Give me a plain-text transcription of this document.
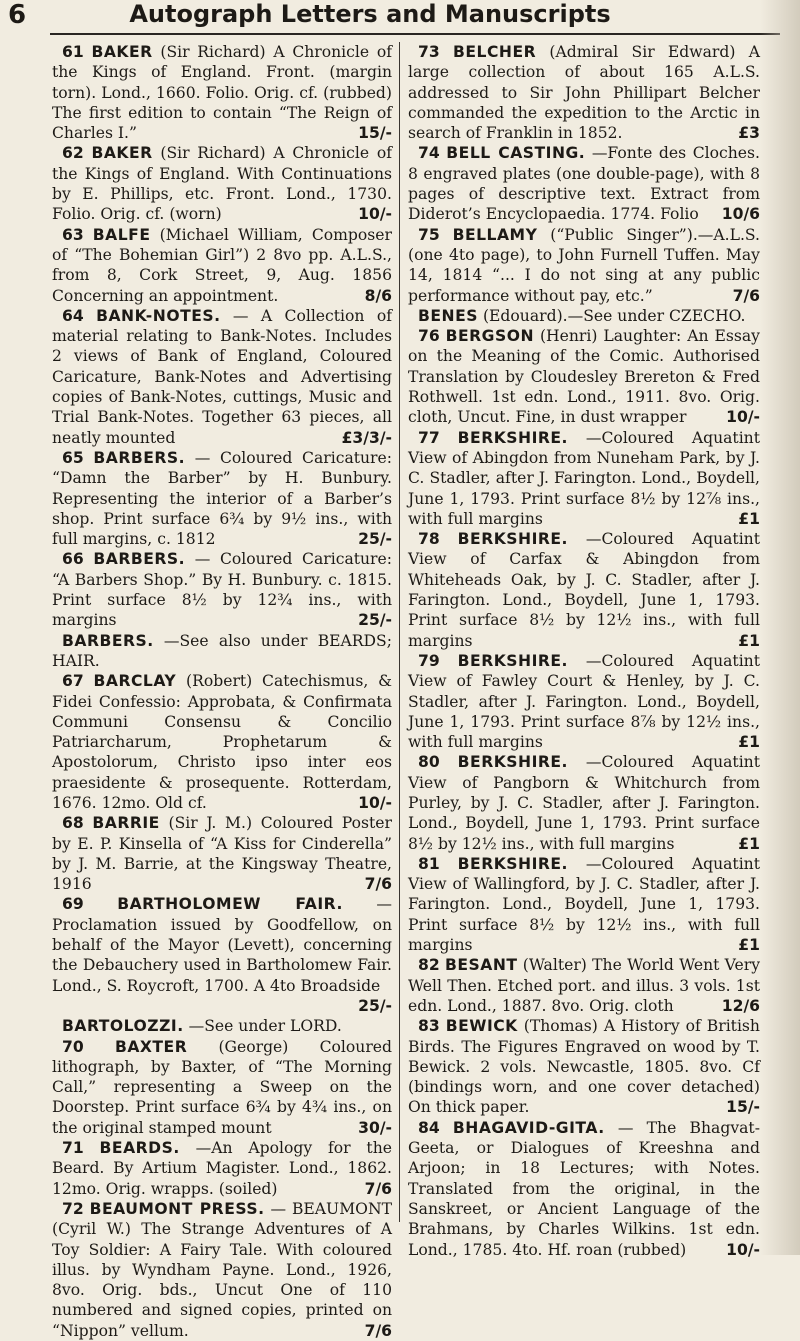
6	Autograph Letters and Manuscripts

61 BAKER (Sir Richard) A Chronicle of the Kings of England. Front. (margin torn). Lond., 1660. Folio. Orig. cf. (rubbed) The first edition to contain “The Reign of Charles I.”	15/-

62 BAKER (Sir Richard) A Chronicle of the Kings of England. With Continuations by E. Phillips, etc. Front. Lond., 1730. Folio. Orig. cf. (worn)	10/-

63 BALFE (Michael William, Composer of “The Bohemian Girl”) 2 8vo pp. A.L.S., from 8, Cork Street, 9, Aug. 1856 Concerning an appointment.	8/6

64 BANK-NOTES. — A Collection of material relating to Bank-Notes. Includes 2 views of Bank of England, Coloured Caricature, Bank-Notes and Advertising copies of Bank-Notes, cuttings, Music and Trial Bank-Notes. Together 63 pieces, all neatly mounted	£3/3/-

65 BARBERS. — Coloured Caricature: “Damn the Barber” by H. Bunbury. Representing the interior of a Barber’s shop. Print surface 6¾ by 9½ ins., with full margins, c. 1812	25/-

66 BARBERS. — Coloured Caricature: “A Barbers Shop.” By H. Bunbury. c. 1815. Print surface 8½ by 12¾ ins., with margins	25/-

BARBERS. —See also under BEARDS; HAIR.

67 BARCLAY (Robert) Catechismus, & Fidei Confessio: Approbata, & Confirmata Communi Consensu & Concilio Patriarcharum, Prophetarum & Apostolorum, Christo ipso inter eos praesidente & prosequente. Rotterdam, 1676. 12mo. Old cf.	10/-

68 BARRIE (Sir J. M.) Coloured Poster by E. P. Kinsella of “A Kiss for Cinderella” by J. M. Barrie, at the Kingsway Theatre, 1916	7/6

69 BARTHOLOMEW FAIR. —Proclamation issued by Goodfellow, on behalf of the Mayor (Levett), concerning the Debauchery used in Bartholomew Fair. Lond., S. Roycroft, 1700. A 4to Broadside
25/-

BARTOLOZZI. —See under LORD.

70 BAXTER (George) Coloured lithograph, by Baxter, of “The Morning Call,” representing a Sweep on the Doorstep. Print surface 6¾ by 4¾ ins., on the original stamped mount	30/-

71 BEARDS. —An Apology for the Beard. By Artium Magister. Lond., 1862. 12mo. Orig. wrapps. (soiled)	7/6

72 BEAUMONT PRESS. — BEAUMONT (Cyril W.) The Strange Adventures of A Toy Soldier: A Fairy Tale. With coloured illus. by Wyndham Payne. Lond., 1926, 8vo. Orig. bds., Uncut One of 110 numbered and signed copies, printed on “Nippon” vellum.	7/6

73 BELCHER (Admiral Sir Edward) A large collection of about 165 A.L.S. addressed to Sir John Phillipart Belcher commanded the expedition to the Arctic in search of Franklin in 1852.	£3

74 BELL CASTING. —Fonte des Cloches. 8 engraved plates (one double-page), with 8 pages of descriptive text. Extract from Diderot’s Encyclopaedia. 1774. Folio	10/6

75 BELLAMY (“Public Singer”).—A.L.S. (one 4to page), to John Furnell Tuffen. May 14, 1814 “... I do not sing at any public performance without pay, etc.”	7/6

BENES (Edouard).—See under CZECHO.

76 BERGSON (Henri) Laughter: An Essay on the Meaning of the Comic. Authorised Translation by Cloudesley Brereton & Fred Rothwell. 1st edn. Lond., 1911. 8vo. Orig. cloth, Uncut. Fine, in dust wrapper	10/-

77 BERKSHIRE. —Coloured Aquatint View of Abingdon from Nuneham Park, by J. C. Stadler, after J. Farington. Lond., Boydell, June 1, 1793. Print surface 8½ by 12⅞ ins., with full margins	£1

78 BERKSHIRE. —Coloured Aquatint View of Carfax & Abingdon from Whiteheads Oak, by J. C. Stadler, after J. Farington. Lond., Boydell, June 1, 1793. Print surface 8½ by 12½ ins., with full margins	£1

79 BERKSHIRE. —Coloured Aquatint View of Fawley Court & Henley, by J. C. Stadler, after J. Farington. Lond., Boydell, June 1, 1793. Print surface 8⅞ by 12½ ins., with full margins	£1

80 BERKSHIRE. —Coloured Aquatint View of Pangborn & Whitchurch from Purley, by J. C. Stadler, after J. Farington. Lond., Boydell, June 1, 1793. Print surface 8½ by 12½ ins., with full margins	£1

81 BERKSHIRE. —Coloured Aquatint View of Wallingford, by J. C. Stadler, after J. Farington. Lond., Boydell, June 1, 1793. Print surface 8½ by 12½ ins., with full margins	£1

82 BESANT (Walter) The World Went Very Well Then. Etched port. and illus. 3 vols. 1st edn. Lond., 1887. 8vo. Orig. cloth	12/6

83 BEWICK (Thomas) A History of British Birds. The Figures Engraved on wood by T. Bewick. 2 vols. Newcastle, 1805. 8vo. Cf (bindings worn, and one cover detached) On thick paper.	15/-

84 BHAGAVID-GITA. — The Bhagvat-Geeta, or Dialogues of Kreeshna and Arjoon; in 18 Lectures; with Notes. Translated from the original, in the Sanskreet, or Ancient Language of the Brahmans, by Charles Wilkins. 1st edn. Lond., 1785. 4to. Hf. roan (rubbed)	10/-
